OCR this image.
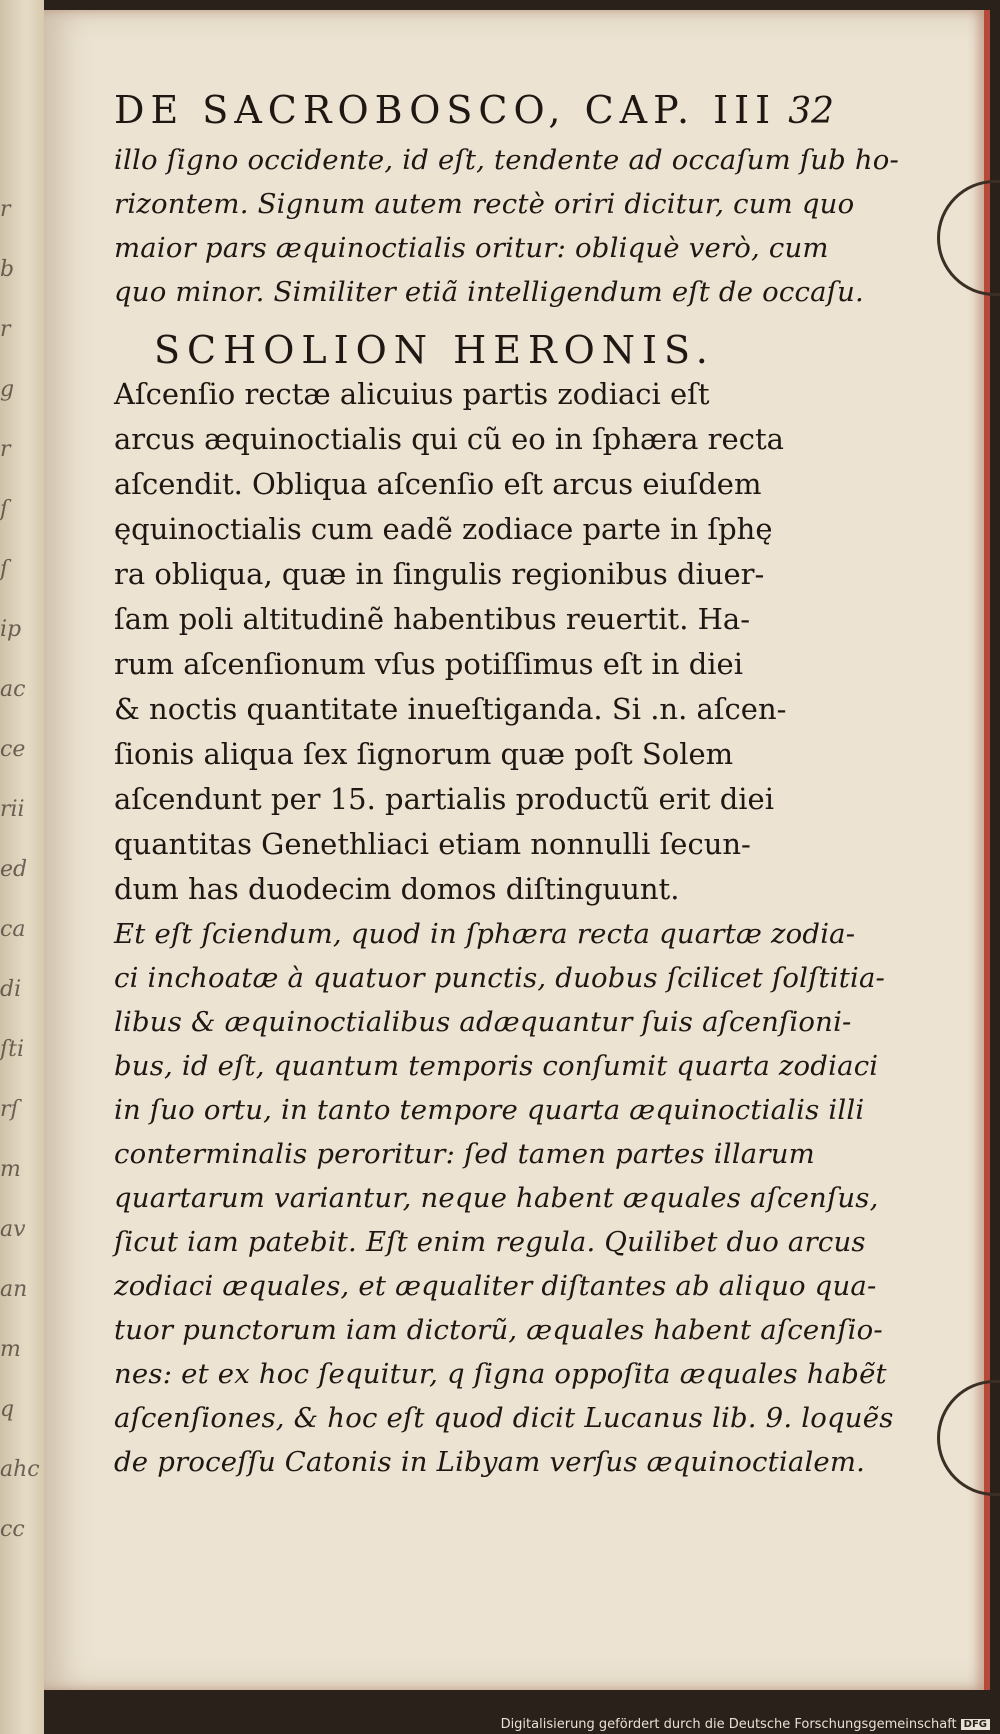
r
b
r
g
r
ſ
ſ
ip
ac
ce
rii
ed
ca
di
ſti
rſ
m
av
an
m
q
ahc
cc
DE SACROBOSCO, CAP. III 32
illo ſigno occidente, id eſt, tendente ad occaſum ſub ho-
rizontem. Signum autem rectè oriri dicitur, cum quo
maior pars æquinoctialis oritur: obliquè verò, cum
quo minor. Similiter etiã intelligendum eſt de occaſu.
SCHOLION HERONIS.
Aſcenſio rectæ alicuius partis zodiaci eſt
arcus æquinoctialis qui cũ eo in ſphæra recta
aſcendit. Obliqua aſcenſio eſt arcus eiuſdem
ęquinoctialis cum eadẽ zodiace parte in ſphę
ra obliqua, quæ in ſingulis regionibus diuer-
ſam poli altitudinẽ habentibus reuertit. Ha-
rum aſcenſionum vſus potiſſimus eſt in diei
& noctis quantitate inueſtiganda. Si .n. aſcen-
ſionis aliqua ſex ſignorum quæ poſt Solem
aſcendunt per 15. partialis productũ erit diei
quantitas Genethliaci etiam nonnulli ſecun-
dum has duodecim domos diſtinguunt.
Et eſt ſciendum, quod in ſphæra recta quartæ zodia-
ci inchoatæ à quatuor punctis, duobus ſcilicet ſolſtitia-
libus & æquinoctialibus adæquantur ſuis aſcenſioni-
bus, id eſt, quantum temporis conſumit quarta zodiaci
in ſuo ortu, in tanto tempore quarta æquinoctialis illi
conterminalis peroritur: ſed tamen partes illarum
quartarum variantur, neque habent æquales aſcenſus,
ſicut iam patebit. Eſt enim regula. Quilibet duo arcus
zodiaci æquales, et æqualiter diſtantes ab aliquo qua-
tuor punctorum iam dictorũ, æquales habent aſcenſio-
nes: et ex hoc ſequitur, q ſigna oppoſita æquales habẽt
aſcenſiones, & hoc eſt quod dicit Lucanus lib. 9. loquẽs
de proceſſu Catonis in Libyam verſus æquinoctialem.
Digitalisierung gefördert durch die Deutsche Forschungsgemeinschaft DFG
